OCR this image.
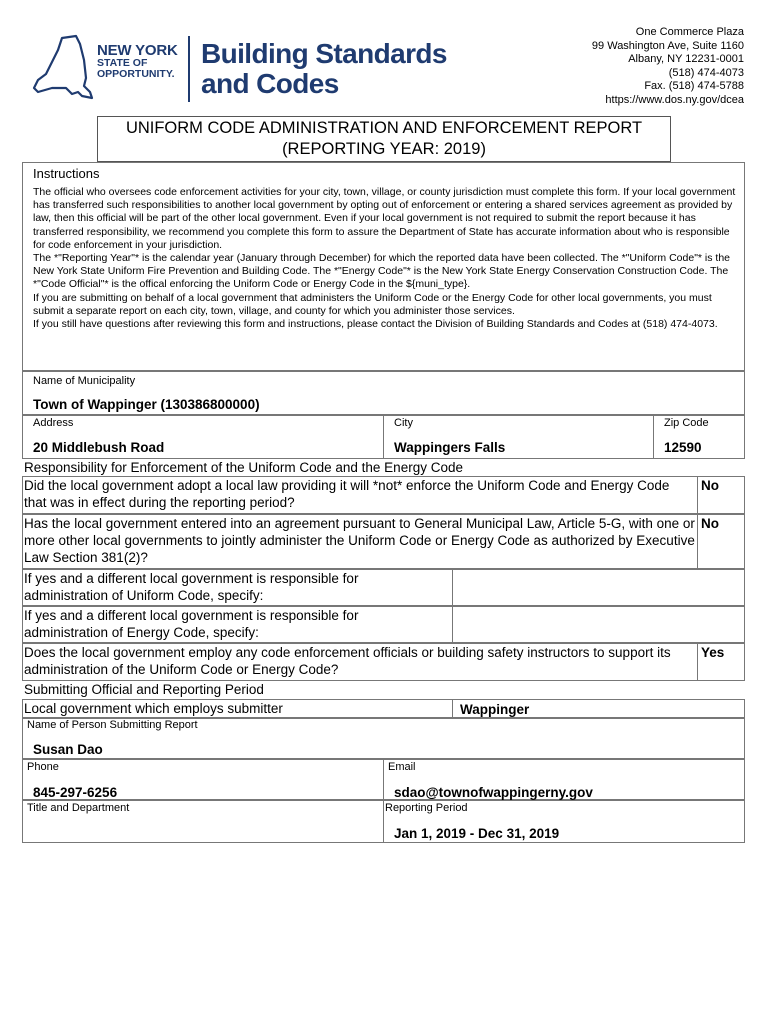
NEW YORK
STATE OF
OPPORTUNITY.
Building Standards
and Codes
One Commerce Plaza
99 Washington Ave, Suite 1160
Albany, NY 12231-0001
(518) 474-4073
Fax. (518) 474-5788
https://www.dos.ny.gov/dcea
UNIFORM CODE ADMINISTRATION AND ENFORCEMENT REPORT
(REPORTING YEAR: 2019)
Instructions

The official who oversees code enforcement activities for your city, town, village, or county jurisdiction must complete this form. If your local government has transferred such responsibilities to another local government by opting out of enforcement or entering a shared services agreement as provided by law, then this official will be part of the other local government. Even if your local government is not required to submit the report because it has transferred responsibility, we recommend you complete this form to assure the Department of State has accurate information about who is responsible for code enforcement in your jurisdiction.

The *"Reporting Year"* is the calendar year (January through December) for which the reported data have been collected. The *"Uniform Code"* is the New York State Uniform Fire Prevention and Building Code. The *"Energy Code"* is the New York State Energy Conservation Construction Code. The *"Code Official"* is the offical enforcing the Uniform Code or Energy Code in the ${muni_type}.

If you are submitting on behalf of a local government that administers the Uniform Code or the Energy Code for other local governments, you must submit a separate report on each city, town, village, and county for which you administer those services.

If you still have questions after reviewing this form and instructions, please contact the Division of Building Standards and Codes at (518) 474-4073.

Name of Municipality
Town of Wappinger (130386800000)
Address
20 Middlebush Road
City
Wappingers Falls
Zip Code
12590
Responsibility for Enforcement of the Uniform Code and the Energy Code
Did the local government adopt a local law providing it will *not* enforce the Uniform Code and Energy Code that was in effect during the reporting period?
No
Has the local government entered into an agreement pursuant to General Municipal Law, Article 5-G, with one or more other local governments to jointly administer the Uniform Code or Energy Code as authorized by Executive Law Section 381(2)?
No
If yes and a different local government is responsible for administration of Uniform Code, specify:
If yes and a different local government is responsible for administration of Energy Code, specify:
Does the local government employ any code enforcement officials or building safety instructors to support its administration of the Uniform Code or Energy Code?
Yes
Submitting Official and Reporting Period
Local government which employs submitter	Wappinger
Name of Person Submitting Report
Susan Dao
Phone
845-297-6256
Email
sdao@townofwappingerny.gov
Title and Department	Reporting Period
Jan 1, 2019 - Dec 31, 2019
